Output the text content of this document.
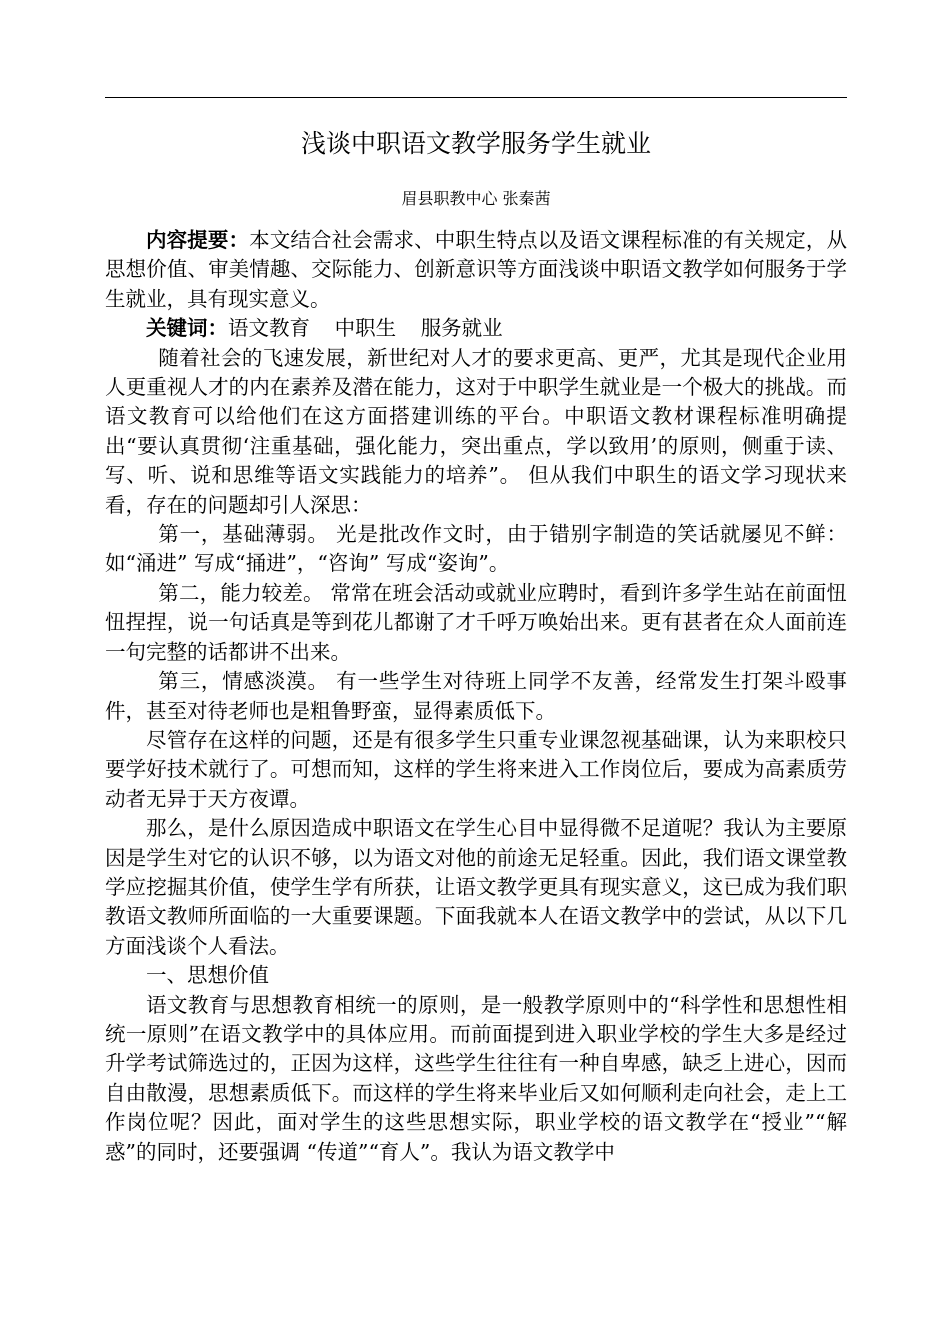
浅谈中职语文教学服务学生就业
眉县职教中心 张秦茜

内容提要：本文结合社会需求、中职生特点以及语文课程标准的有关规定，从思想价值、审美情趣、交际能力、创新意识等方面浅谈中职语文教学如何服务于学生就业，具有现实意义。

关键词：语文教育 中职生 服务就业

随着社会的飞速发展，新世纪对人才的要求更高、更严，尤其是现代企业用人更重视人才的内在素养及潜在能力，这对于中职学生就业是一个极大的挑战。而语文教育可以给他们在这方面搭建训练的平台。中职语文教材课程标准明确提出“要认真贯彻‘注重基础，强化能力，突出重点，学以致用’的原则，侧重于读、写、听、说和思维等语文实践能力的培养”。 但从我们中职生的语文学习现状来看，存在的问题却引人深思：

第一，基础薄弱。 光是批改作文时，由于错别字制造的笑话就屡见不鲜：如“涌进” 写成“捅进”，“咨询” 写成“姿询”。

第二，能力较差。 常常在班会活动或就业应聘时，看到许多学生站在前面忸忸捏捏，说一句话真是等到花儿都谢了才千呼万唤始出来。更有甚者在众人面前连一句完整的话都讲不出来。

第三，情感淡漠。 有一些学生对待班上同学不友善，经常发生打架斗殴事件，甚至对待老师也是粗鲁野蛮，显得素质低下。

尽管存在这样的问题，还是有很多学生只重专业课忽视基础课，认为来职校只要学好技术就行了。可想而知，这样的学生将来进入工作岗位后，要成为高素质劳动者无异于天方夜谭。

那么，是什么原因造成中职语文在学生心目中显得微不足道呢？我认为主要原因是学生对它的认识不够，以为语文对他的前途无足轻重。因此，我们语文课堂教学应挖掘其价值，使学生学有所获，让语文教学更具有现实意义，这已成为我们职教语文教师所面临的一大重要课题。下面我就本人在语文教学中的尝试，从以下几方面浅谈个人看法。

一、思想价值

语文教育与思想教育相统一的原则，是一般教学原则中的“科学性和思想性相统一原则”在语文教学中的具体应用。而前面提到进入职业学校的学生大多是经过升学考试筛选过的，正因为这样，这些学生往往有一种自卑感，缺乏上进心，因而自由散漫，思想素质低下。而这样的学生将来毕业后又如何顺利走向社会，走上工作岗位呢？因此，面对学生的这些思想实际，职业学校的语文教学在“授业”“解惑”的同时，还要强调 “传道”“育人”。我认为语文教学中
